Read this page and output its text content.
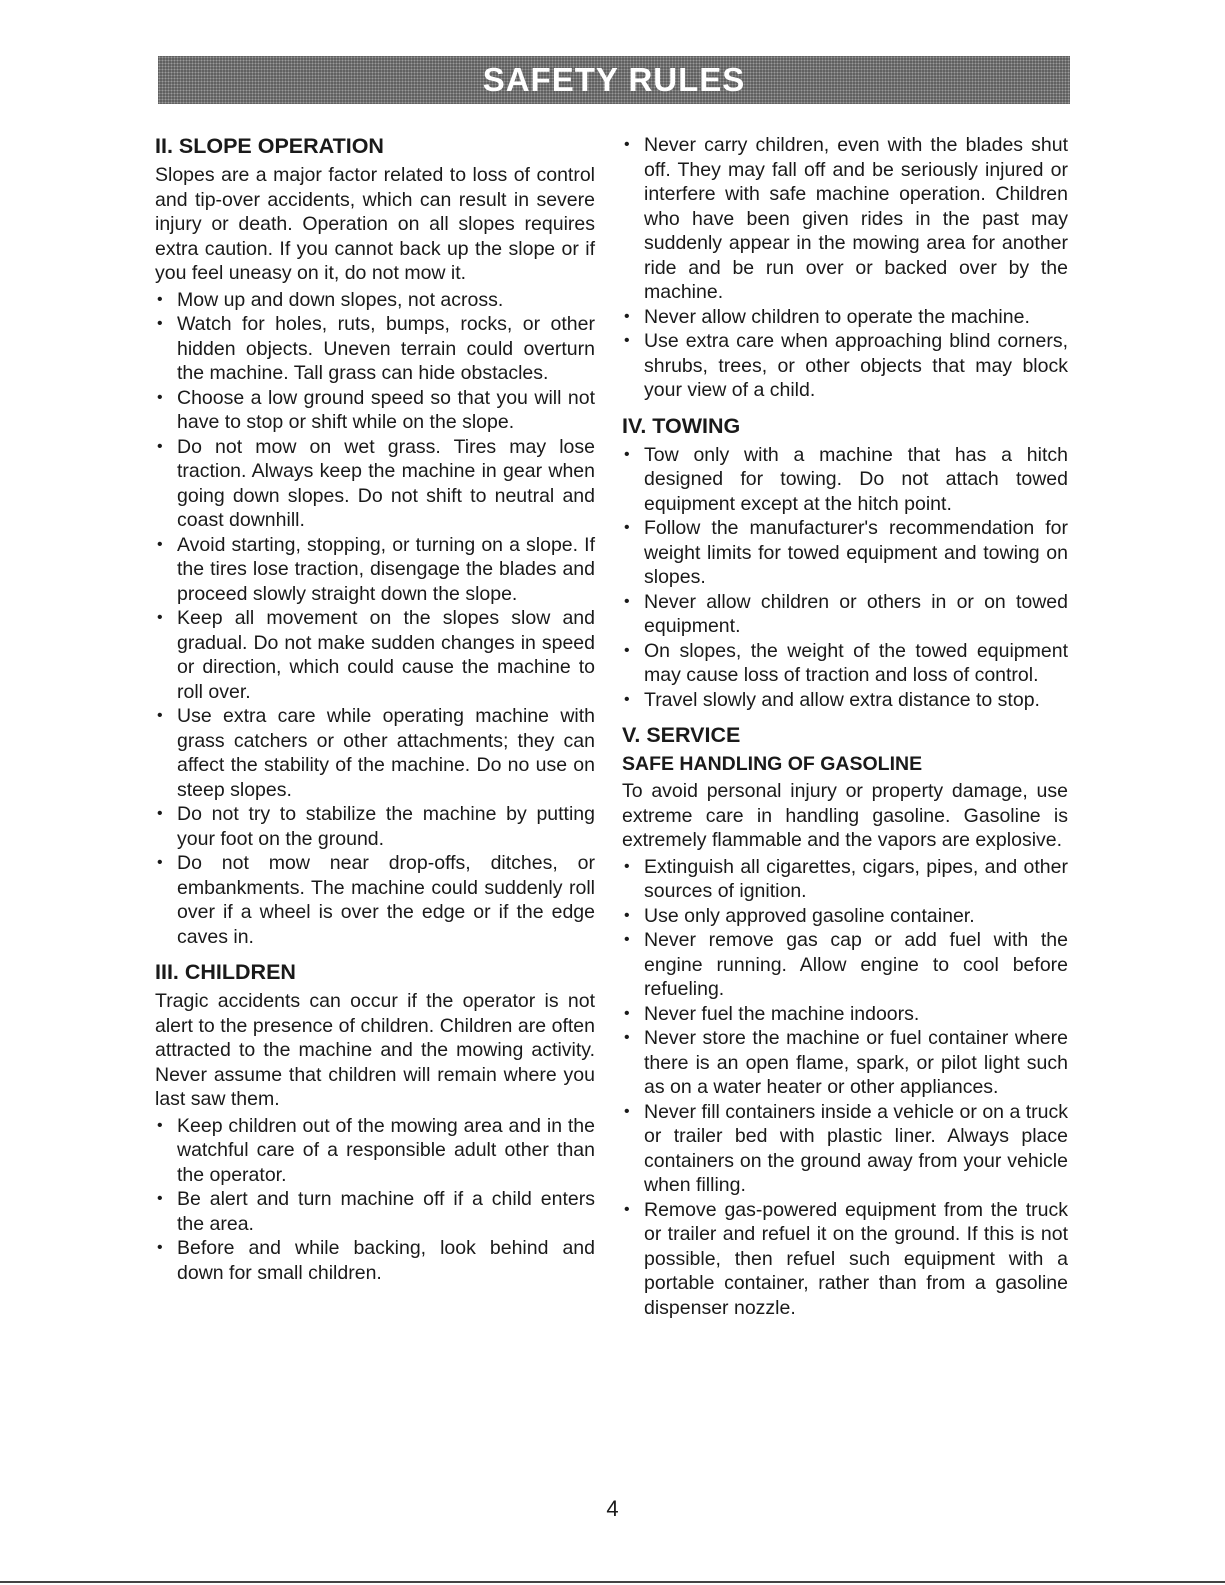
SAFETY RULES
II. SLOPE OPERATION
Slopes are a major factor related to loss of control and tip-over accidents, which can result in severe injury or death. Operation on all slopes requires extra caution. If you cannot back up the slope or if you feel uneasy on it, do not mow it.
• Mow up and down slopes, not across.
• Watch for holes, ruts, bumps, rocks, or other hidden objects. Uneven terrain could overturn the machine. Tall grass can hide obstacles.
• Choose a low ground speed so that you will not have to stop or shift while on the slope.
• Do not mow on wet grass. Tires may lose traction. Always keep the machine in gear when going down slopes. Do not shift to neutral and coast downhill.
• Avoid starting, stopping, or turning on a slope. If the tires lose traction, disengage the blades and proceed slowly straight down the slope.
• Keep all movement on the slopes slow and gradual. Do not make sudden changes in speed or direction, which could cause the machine to roll over.
• Use extra care while operating machine with grass catchers or other attachments; they can affect the stability of the machine. Do no use on steep slopes.
• Do not try to stabilize the machine by putting your foot on the ground.
• Do not mow near drop-offs, ditches, or embankments. The machine could suddenly roll over if a wheel is over the edge or if the edge caves in.
III. CHILDREN
Tragic accidents can occur if the operator is not alert to the presence of children. Children are often attracted to the machine and the mowing activity. Never assume that children will remain where you last saw them.
• Keep children out of the mowing area and in the watchful care of a responsible adult other than the operator.
• Be alert and turn machine off if a child enters the area.
• Before and while backing, look behind and down for small children.
• Never carry children, even with the blades shut off. They may fall off and be seriously injured or interfere with safe machine operation. Children who have been given rides in the past may suddenly appear in the mowing area for another ride and be run over or backed over by the machine.
• Never allow children to operate the machine.
• Use extra care when approaching blind corners, shrubs, trees, or other objects that may block your view of a child.
IV. TOWING
• Tow only with a machine that has a hitch designed for towing. Do not attach towed equipment except at the hitch point.
• Follow the manufacturer's recommendation for weight limits for towed equipment and towing on slopes.
• Never allow children or others in or on towed equipment.
• On slopes, the weight of the towed equipment may cause loss of traction and loss of control.
• Travel slowly and allow extra distance to stop.
V. SERVICE
SAFE HANDLING OF GASOLINE
To avoid personal injury or property damage, use extreme care in handling gasoline. Gasoline is extremely flammable and the vapors are explosive.
• Extinguish all cigarettes, cigars, pipes, and other sources of ignition.
• Use only approved gasoline container.
• Never remove gas cap or add fuel with the engine running. Allow engine to cool before refueling.
• Never fuel the machine indoors.
• Never store the machine or fuel container where there is an open flame, spark, or pilot light such as on a water heater or other appliances.
• Never fill containers inside a vehicle or on a truck or trailer bed with plastic liner. Always place containers on the ground away from your vehicle when filling.
• Remove gas-powered equipment from the truck or trailer and refuel it on the ground. If this is not possible, then refuel such equipment with a portable container, rather than from a gasoline dispenser nozzle.
4
